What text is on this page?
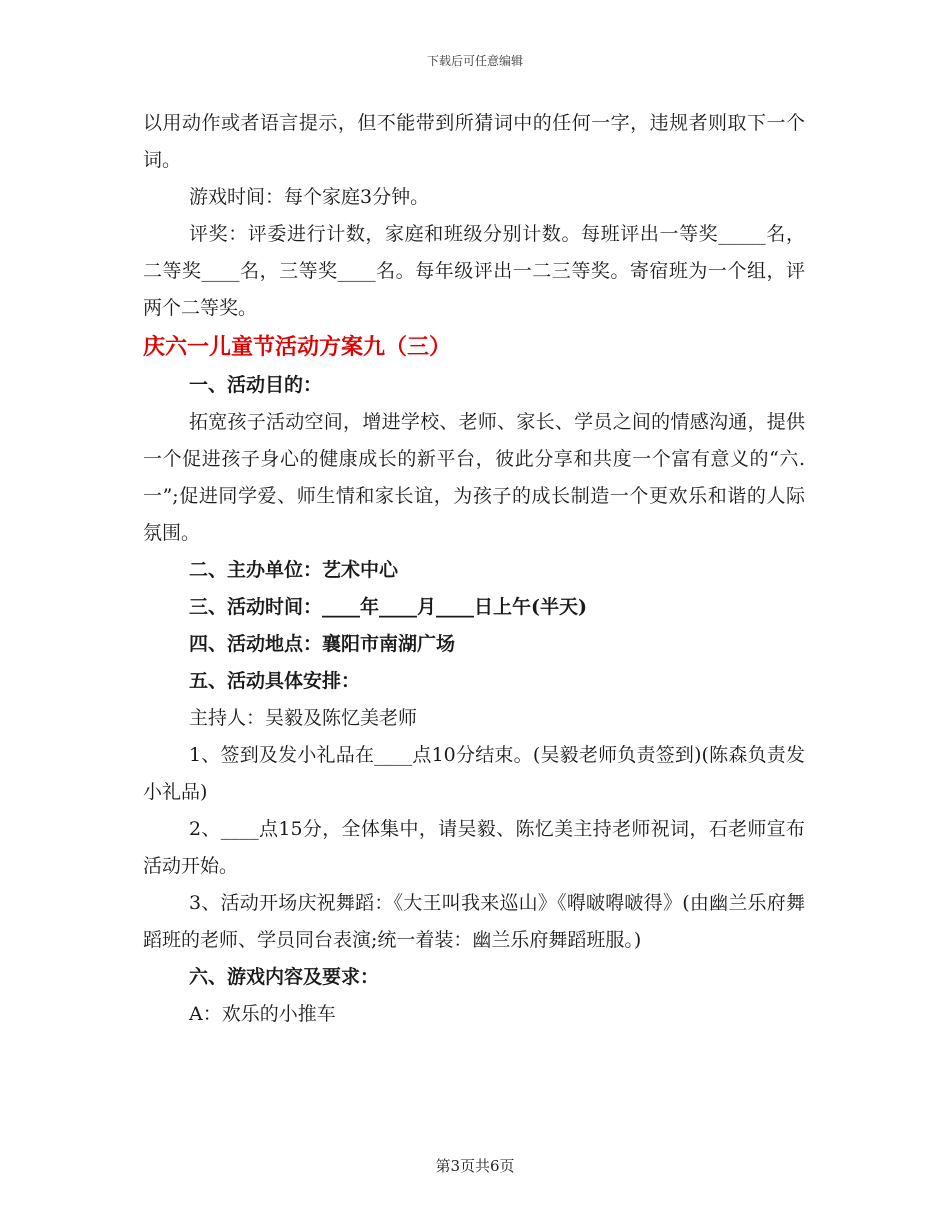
下载后可任意编辑

以用动作或者语言提示，但不能带到所猜词中的任何一字，违规者则取下一个词。

游戏时间：每个家庭3分钟。

评奖：评委进行计数，家庭和班级分别计数。每班评出一等奖_____名，二等奖____名，三等奖____名。每年级评出一二三等奖。寄宿班为一个组，评两个二等奖。

庆六一儿童节活动方案九（三）

一、活动目的：

拓宽孩子活动空间，增进学校、老师、家长、学员之间的情感沟通，提供一个促进孩子身心的健康成长的新平台，彼此分享和共度一个富有意义的“六.一”;促进同学爱、师生情和家长谊，为孩子的成长制造一个更欢乐和谐的人际氛围。

二、主办单位：艺术中心

三、活动时间：____年____月____日上午(半天)

四、活动地点：襄阳市南湖广场

五、活动具体安排：

主持人：吴毅及陈忆美老师

1、签到及发小礼品在____点10分结束。(吴毅老师负责签到)(陈森负责发小礼品)

2、____点15分，全体集中，请吴毅、陈忆美主持老师祝词，石老师宣布活动开始。

3、活动开场庆祝舞蹈：《大王叫我来巡山》《嘚啵嘚啵得》(由幽兰乐府舞蹈班的老师、学员同台表演;统一着装：幽兰乐府舞蹈班服。)

六、游戏内容及要求：

A：欢乐的小推车

第3页共6页
